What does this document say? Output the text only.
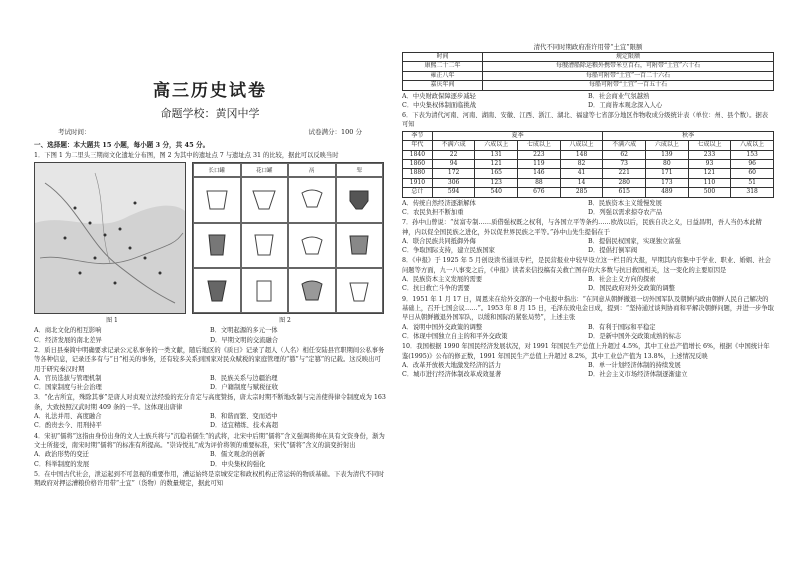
高三历史试卷
命题学校：黄冈中学
考试时间：	试卷满分：100 分
一、选择题：本大题共 15 小题，每小题 3 分，共 45 分。

1．下图 1 为二里头三期商文化遗址分布图，图 2 为其中的遗址点 7 与遗址点 31 的比较，据此可以反映当时

长口罐	花口罐	鬲	斝
图 1	图 2
A．商北文化的相互影响	B．文明起源的多元一体
C．经济发展的南北差异	D．早期文明的交流融合

2．质日县秦简中明确要求记录公元私事务的一类文献，随后地区的《质日》记录了超人（人名）相任安陆县官职期间公私事务等各种信息，记录还多有与“日”相关的事务，还有较多关系到国家对民众赋税的家庭管理的“篡”与“定篡”的记载。这反映出可用于研究秦汉时期

A．官员选拔与管理机制	B．民族关系与边疆治理
C．国家制度与社会治理	D．户籍制度与赋税征收

3．“化古所宜，殊除其事”是唐人对贞观立法经验的充分肯定与高度赞扬，唐太宗时期不断地改制与完善使得律令制度成为 163 条，大致按照汉武时期 409 条的一半。这体现出唐律

A．礼法并用、高度融合	B．和谐而繁、变而适中
C．酌贵去今、用刑持平	D．适宜精练、技术高超

4．宋初“儒将”这指由身份出身的文人士族兵将与“沉稳若儒生”的武将，北宋中后期“儒将”含义强调将帅在具有文资身份，渐为文士所接受，南宋时期“儒将”的标准有所提高。“崇诗悦礼”成为评价将领的重要标准，宋代“儒将”含义的演变折射出

A．政治形势的变迁	B．儒文观念的创新
C．科举制度的发展	D．中央集权的强化

5．在中国古代社会，泄运起到不可忽视的重要作用，漕运始终是京城安定和政权机构正常运转的物质基础。下表为清代不同时期政府对押运漕粮价格许用带“土宜”（货物）的数量规定，据此可知

清代不同时期政府准许用带“土宜”限额
时间	规定限额
康熙二十二年	每艘漕船除运粮外携带米豆百石，可附带“土宜”六十石
雍正八年	每船可附带“土宜”一百二十六石
嘉庆年间	每船可附带“土宜”一百五十石
A．中央财政保障逐步减轻	B．社会商业气氛越熟
C．中央集权体制面临挑战	D．工商皆本观念深入人心

6．下表为清代河南、河南、湖南、安徽、江西、浙江、湖北、福建等七省部分地区作物收成分级统计表（单位：州、县个数）。据表可知

季节	夏季				秋季			
年代	不满六成	六成以上	七成以上	八成以上	不满六成	六成以上	七成以上	八成以上
1840	22	131	223	148	62	139	233	153
1860	94	121	119	82	73	80	93	96
1880	172	165	146	41	221	171	121	60
1910	306	123	88	14	280	173	110	51
总计	594	540	676	285	615	489	500	318
A．传统自然经济逐渐解体	B．民族资本主义缓慢发展
C．农民负担不断加重	D．列强以需求掠夺农产品

7．孙中山曾说：“贫富专制……质借强权既之权利，与各国立平等条约……欧战以后，民族自决之义，日益昌明，吾人当仍本此精神，内以促全国民族之进化，外以促世界民族之平等。”孙中山先生提倡在于

A．联合民族共同抵御外侮	B．提倡民权国家，实现独立富强
C．争取国际支持，建立民族国家	D．提倡打倒军阀

8．《申报》于 1925 年 5 月创设读书通讯专栏，是民营报业中较早设立这一栏目的大报，早期其内容集中于学业、职业、婚姻、社会问题等方面，九一八事变之后，《申报》读者来信投稿有关救亡图存的大多数与抗日救国相关，这一变化的主要原因是

A．民族资本主义发展的需要	B．社会主义方向的探索
C．抗日救亡斗争的需要	D．国民政府对外交政策的调整

9．1951 年 1 月 17 日，周恩来在给外交部的一个电报中指出：“在同意从朝鲜撤退一切外国军队及朝鲜内政由朝鲜人民自己解决的基础上，召开七国会议……”。1953 年 8 月 15 日，毛泽东致电金日成，提到：“坚持通过谈判协商和平解决朝鲜问题，并进一步争取早日从朝鲜撤退外国军队，以缓和国际的紧张局势”，上述主张

A．说明中国外交政策的调整	B．有利于国际和平稳定
C．体现中国独立自主的和平外交政策	D．是新中国外交政策成熟的标志

10．我国根据 1990 年国民经济发展状况，对 1991 年国民生产总值上升超过 4.5%，其中工业总产值增长 6%，根据《中国统计年鉴(1995)》公布的修正数，1991 年国民生产总值上升超过 8.2%，其中工业总产值为 13.8%，上述情况反映

A．改革开放极大地激发经济的活力	B．单一计划经济体制的持续发展
C．城市进行经济体制改革成效显著	D．社会主义市场经济体制逐渐建立
